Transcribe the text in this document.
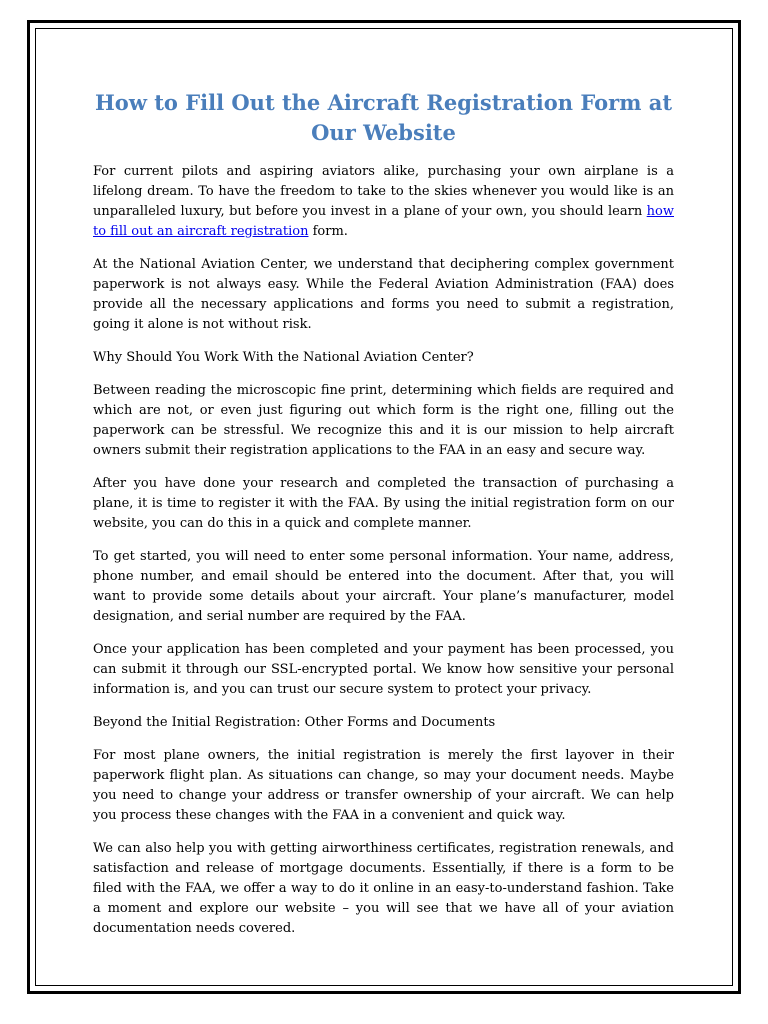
How to Fill Out the Aircraft Registration Form at Our Website

For current pilots and aspiring aviators alike, purchasing your own airplane is a lifelong dream. To have the freedom to take to the skies whenever you would like is an unparalleled luxury, but before you invest in a plane of your own, you should learn how to fill out an aircraft registration form.

At the National Aviation Center, we understand that deciphering complex government paperwork is not always easy. While the Federal Aviation Administration (FAA) does provide all the necessary applications and forms you need to submit a registration, going it alone is not without risk.

Why Should You Work With the National Aviation Center?

Between reading the microscopic fine print, determining which fields are required and which are not, or even just figuring out which form is the right one, filling out the paperwork can be stressful. We recognize this and it is our mission to help aircraft owners submit their registration applications to the FAA in an easy and secure way.

After you have done your research and completed the transaction of purchasing a plane, it is time to register it with the FAA. By using the initial registration form on our website, you can do this in a quick and complete manner.

To get started, you will need to enter some personal information. Your name, address, phone number, and email should be entered into the document. After that, you will want to provide some details about your aircraft. Your plane’s manufacturer, model designation, and serial number are required by the FAA.

Once your application has been completed and your payment has been processed, you can submit it through our SSL-encrypted portal. We know how sensitive your personal information is, and you can trust our secure system to protect your privacy.

Beyond the Initial Registration: Other Forms and Documents

For most plane owners, the initial registration is merely the first layover in their paperwork flight plan. As situations can change, so may your document needs. Maybe you need to change your address or transfer ownership of your aircraft. We can help you process these changes with the FAA in a convenient and quick way.

We can also help you with getting airworthiness certificates, registration renewals, and satisfaction and release of mortgage documents. Essentially, if there is a form to be filed with the FAA, we offer a way to do it online in an easy-to-understand fashion. Take a moment and explore our website – you will see that we have all of your aviation documentation needs covered.
